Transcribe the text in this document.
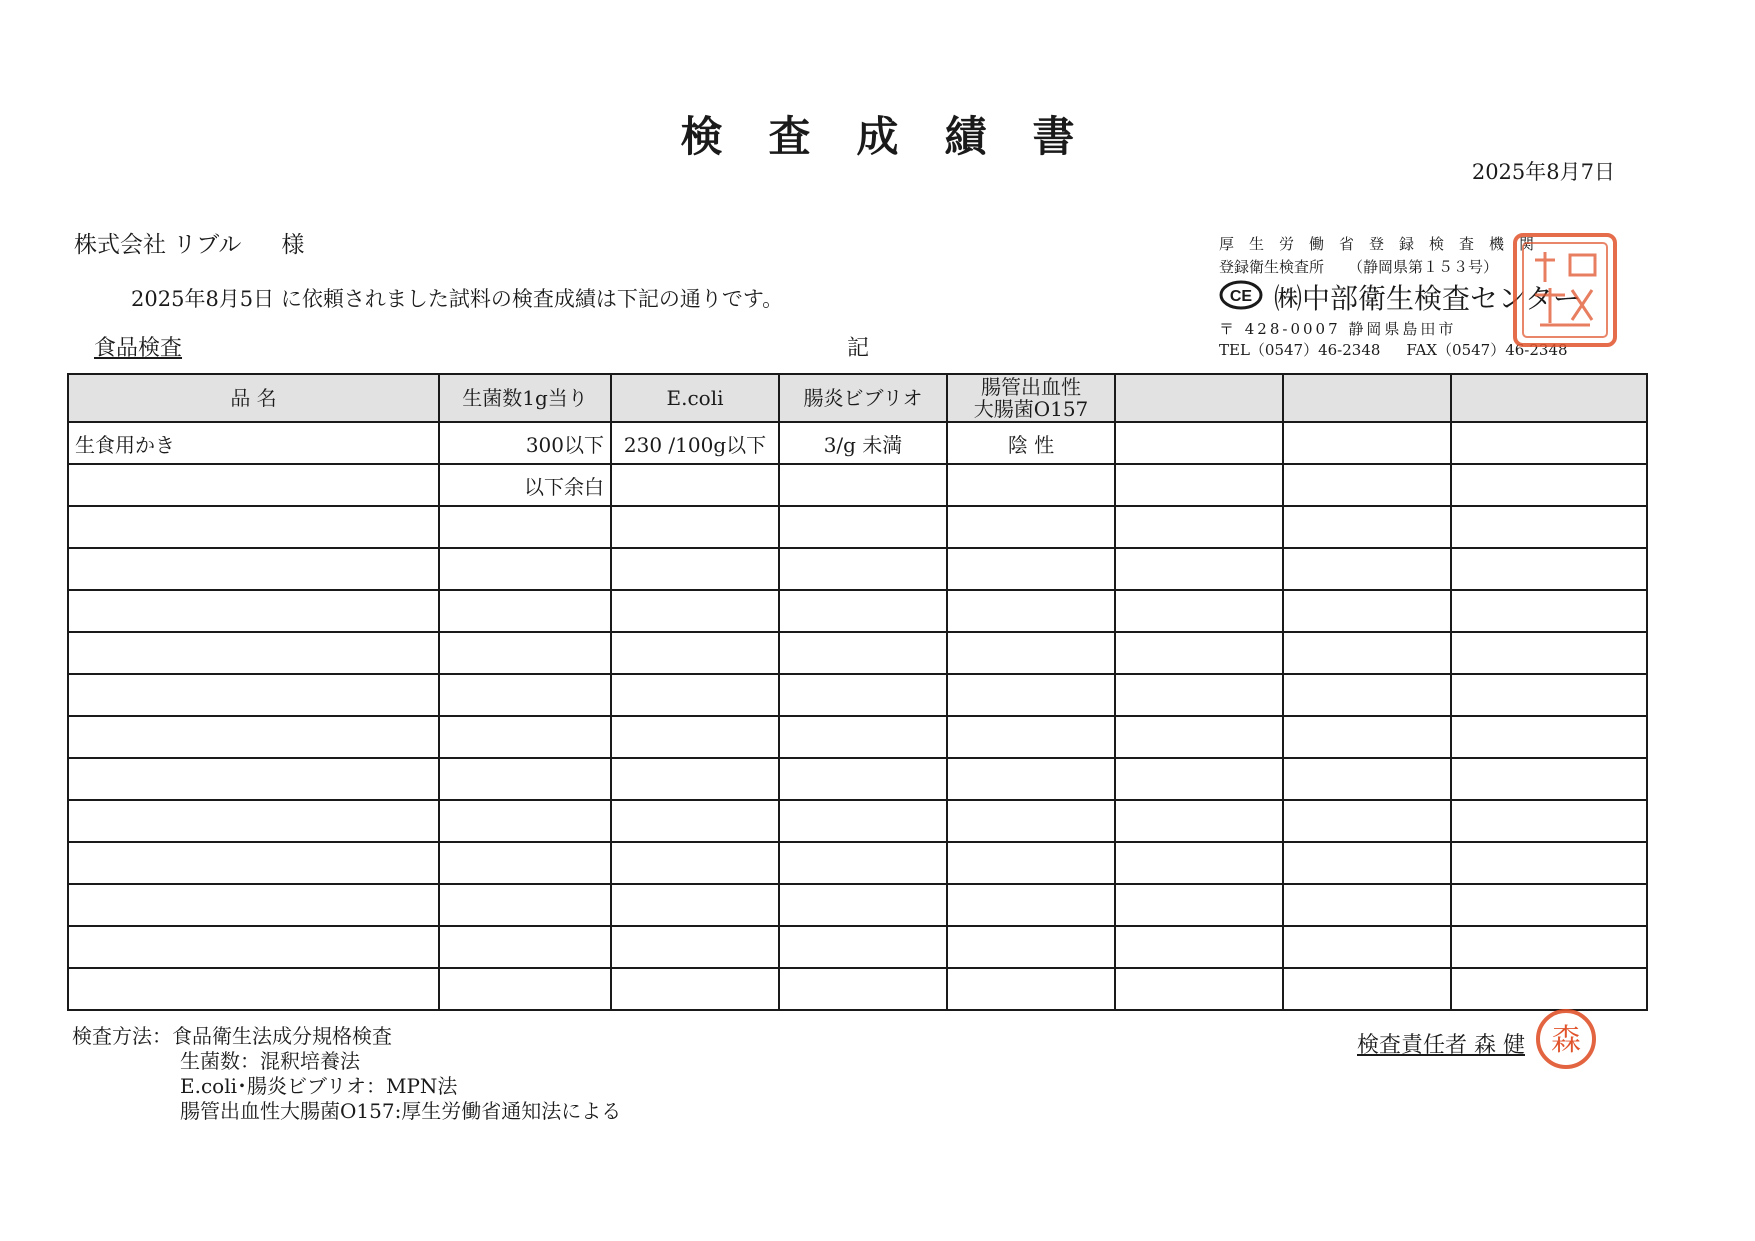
検査成績書
2025年8月7日
株式会社 リブル 様
2025年8月5日 に依頼されました試料の検査成績は下記の通りです。
食品検査	記
厚生労働省登録検査機関
登録衛生検査所 （静岡県第１５３号）
CE ㈱中部衛生検査センター
〒 428-0007 静岡県島田市
TEL（0547）46-2348 FAX（0547）46-2348
品 名	生菌数1g当り	E.coli	腸炎ビブリオ	腸管出血性
大腸菌O157			
生食用かき	300以下	230 /100g以下	3/g 未満	陰 性			
	以下余白						

検査方法：食品衛生法成分規格検査
生菌数：混釈培養法
E.coli･腸炎ビブリオ：MPN法
腸管出血性大腸菌O157:厚生労働省通知法による
検査責任者 森 健 森
